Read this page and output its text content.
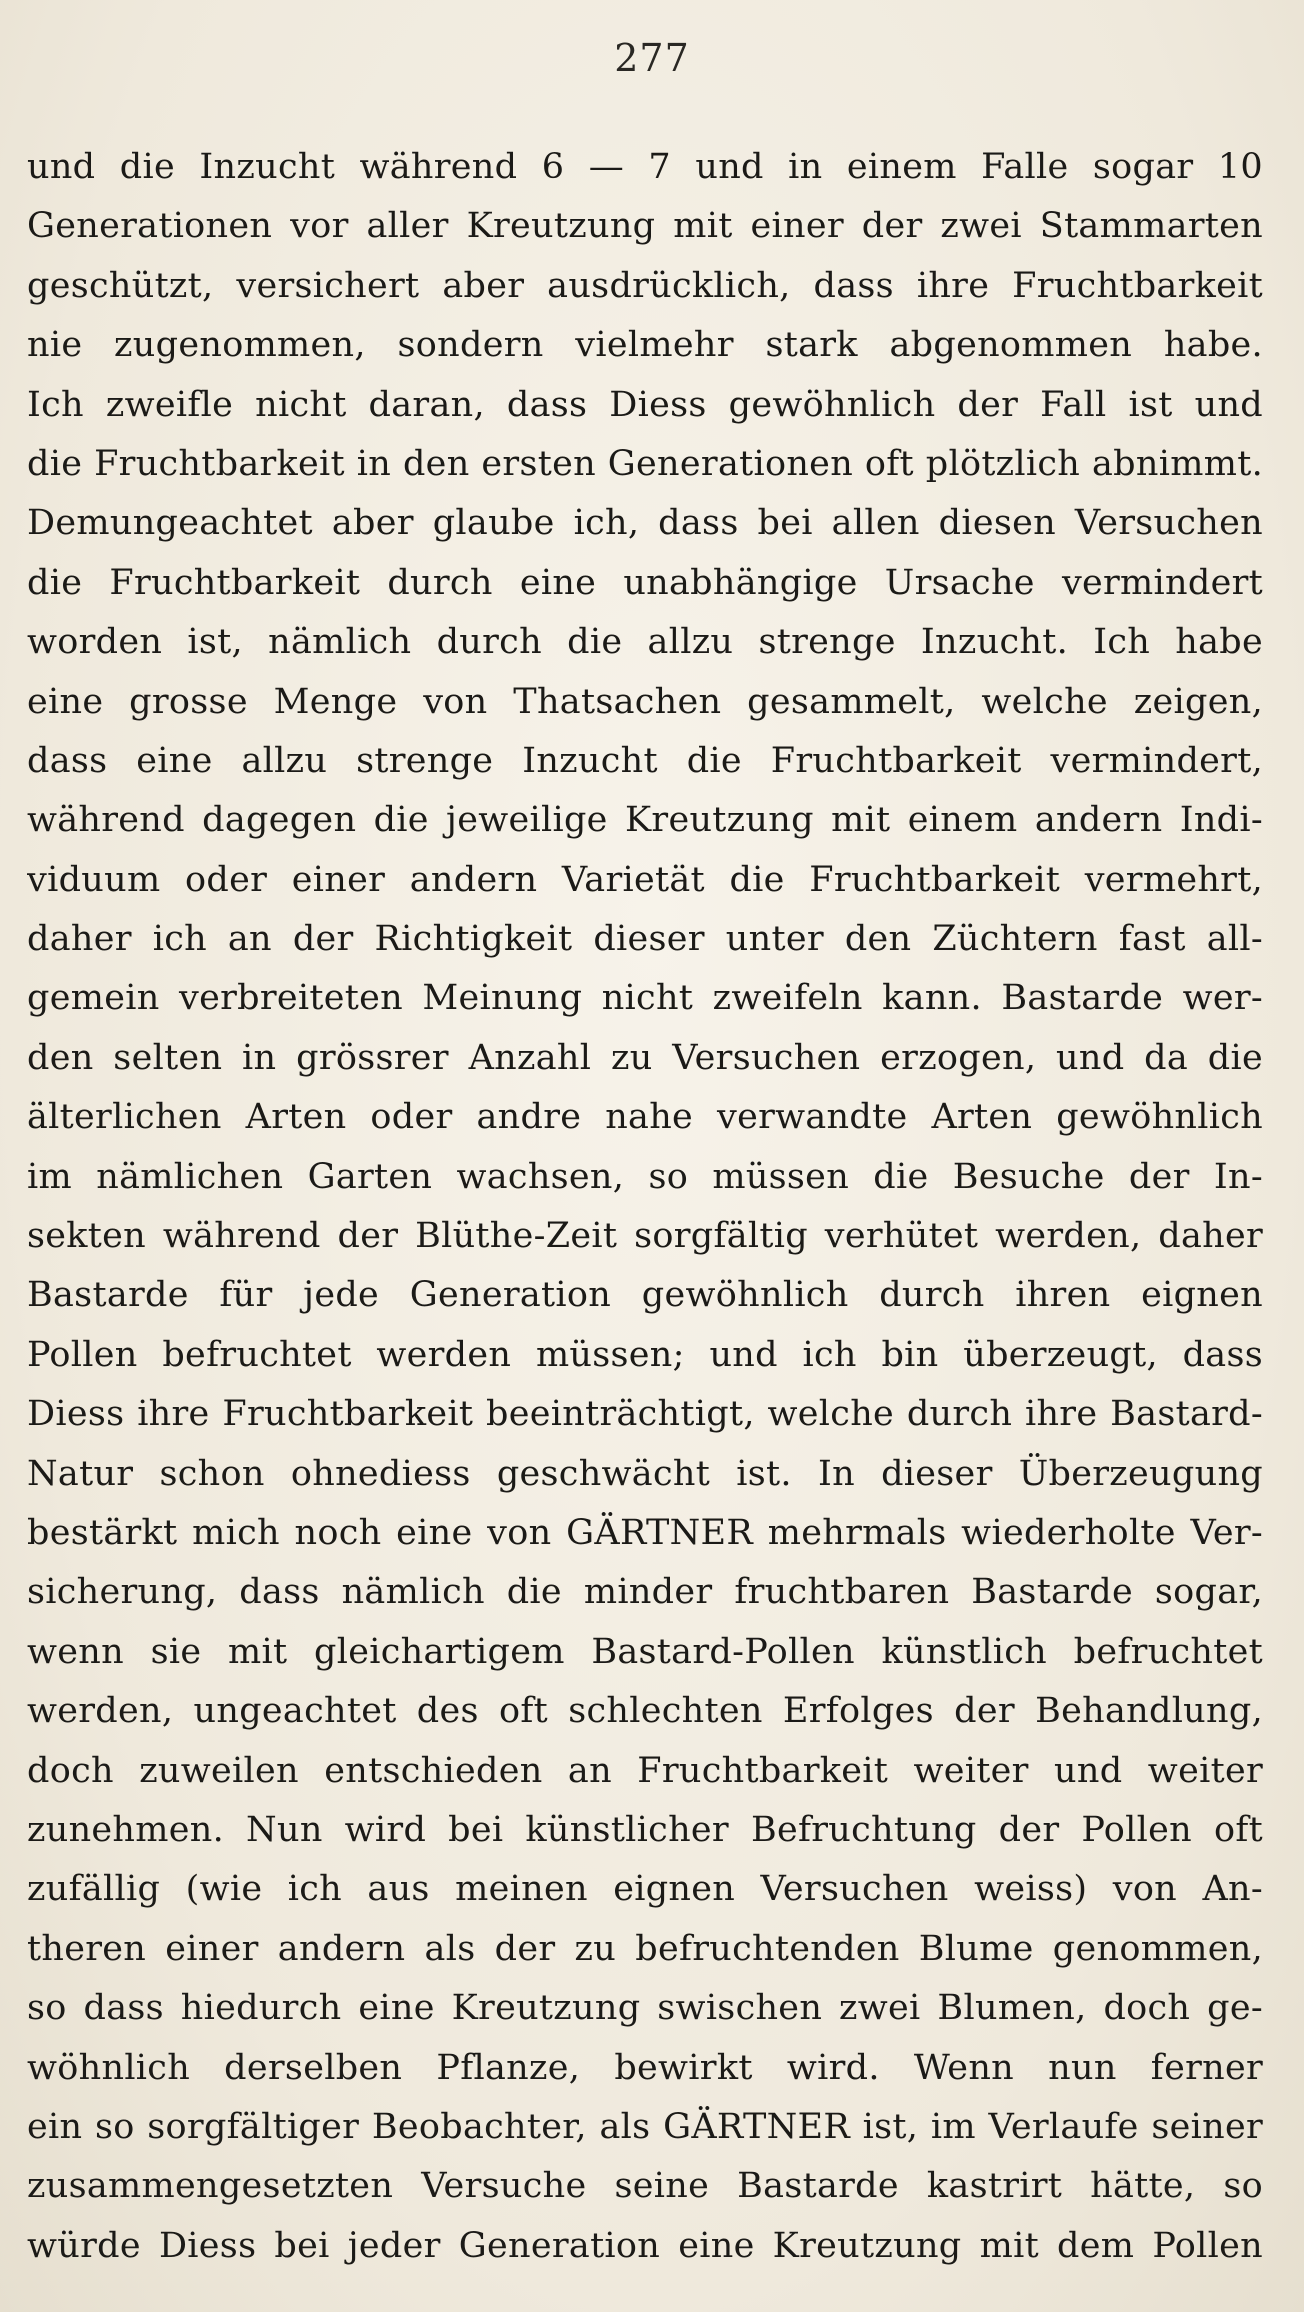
277
und die Inzucht während 6 — 7 und in einem Falle sogar 10
Generationen vor aller Kreutzung mit einer der zwei Stammarten
geschützt, versichert aber ausdrücklich, dass ihre Fruchtbarkeit
nie zugenommen, sondern vielmehr stark abgenommen habe.
Ich zweifle nicht daran, dass Diess gewöhnlich der Fall ist und
die Fruchtbarkeit in den ersten Generationen oft plötzlich abnimmt.
Demungeachtet aber glaube ich, dass bei allen diesen Versuchen
die Fruchtbarkeit durch eine unabhängige Ursache vermindert
worden ist, nämlich durch die allzu strenge Inzucht. Ich habe
eine grosse Menge von Thatsachen gesammelt, welche zeigen,
dass eine allzu strenge Inzucht die Fruchtbarkeit vermindert,
während dagegen die jeweilige Kreutzung mit einem andern Indi-
viduum oder einer andern Varietät die Fruchtbarkeit vermehrt,
daher ich an der Richtigkeit dieser unter den Züchtern fast all-
gemein verbreiteten Meinung nicht zweifeln kann. Bastarde wer-
den selten in grössrer Anzahl zu Versuchen erzogen, und da die
älterlichen Arten oder andre nahe verwandte Arten gewöhnlich
im nämlichen Garten wachsen, so müssen die Besuche der In-
sekten während der Blüthe-Zeit sorgfältig verhütet werden, daher
Bastarde für jede Generation gewöhnlich durch ihren eignen
Pollen befruchtet werden müssen; und ich bin überzeugt, dass
Diess ihre Fruchtbarkeit beeinträchtigt, welche durch ihre Bastard-
Natur schon ohnediess geschwächt ist. In dieser Überzeugung
bestärkt mich noch eine von GÄRTNER mehrmals wiederholte Ver-
sicherung, dass nämlich die minder fruchtbaren Bastarde sogar,
wenn sie mit gleichartigem Bastard-Pollen künstlich befruchtet
werden, ungeachtet des oft schlechten Erfolges der Behandlung,
doch zuweilen entschieden an Fruchtbarkeit weiter und weiter
zunehmen. Nun wird bei künstlicher Befruchtung der Pollen oft
zufällig (wie ich aus meinen eignen Versuchen weiss) von An-
theren einer andern als der zu befruchtenden Blume genommen,
so dass hiedurch eine Kreutzung swischen zwei Blumen, doch ge-
wöhnlich derselben Pflanze, bewirkt wird. Wenn nun ferner
ein so sorgfältiger Beobachter, als GÄRTNER ist, im Verlaufe seiner
zusammengesetzten Versuche seine Bastarde kastrirt hätte, so
würde Diess bei jeder Generation eine Kreutzung mit dem Pollen
